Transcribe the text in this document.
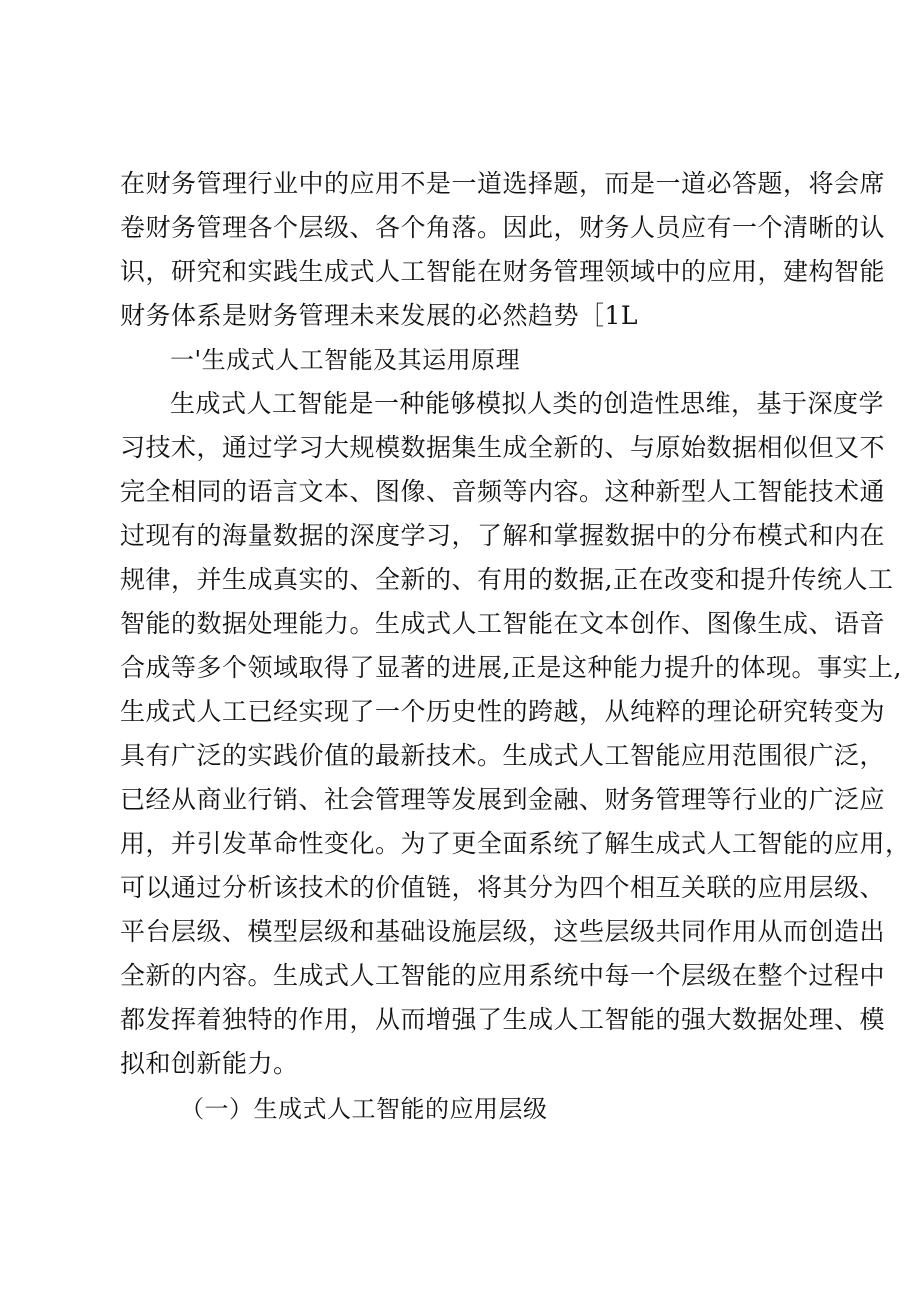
在财务管理行业中的应用不是一道选择题，而是一道必答题，将会席
卷财务管理各个层级、各个角落。因此，财务人员应有一个清晰的认
识，研究和实践生成式人工智能在财务管理领域中的应用，建构智能
财务体系是财务管理未来发展的必然趋势［1L
一'生成式人工智能及其运用原理
生成式人工智能是一种能够模拟人类的创造性思维，基于深度学
习技术，通过学习大规模数据集生成全新的、与原始数据相似但又不
完全相同的语言文本、图像、音频等内容。这种新型人工智能技术通
过现有的海量数据的深度学习，了解和掌握数据中的分布模式和内在
规律，并生成真实的、全新的、有用的数据,正在改变和提升传统人工
智能的数据处理能力。生成式人工智能在文本创作、图像生成、语音
合成等多个领域取得了显著的进展,正是这种能力提升的体现。事实上,
生成式人工已经实现了一个历史性的跨越，从纯粹的理论研究转变为
具有广泛的实践价值的最新技术。生成式人工智能应用范围很广泛，
已经从商业行销、社会管理等发展到金融、财务管理等行业的广泛应
用，并引发革命性变化。为了更全面系统了解生成式人工智能的应用，
可以通过分析该技术的价值链，将其分为四个相互关联的应用层级、
平台层级、模型层级和基础设施层级，这些层级共同作用从而创造出
全新的内容。生成式人工智能的应用系统中每一个层级在整个过程中
都发挥着独特的作用，从而增强了生成人工智能的强大数据处理、模
拟和创新能力。
（一）生成式人工智能的应用层级
